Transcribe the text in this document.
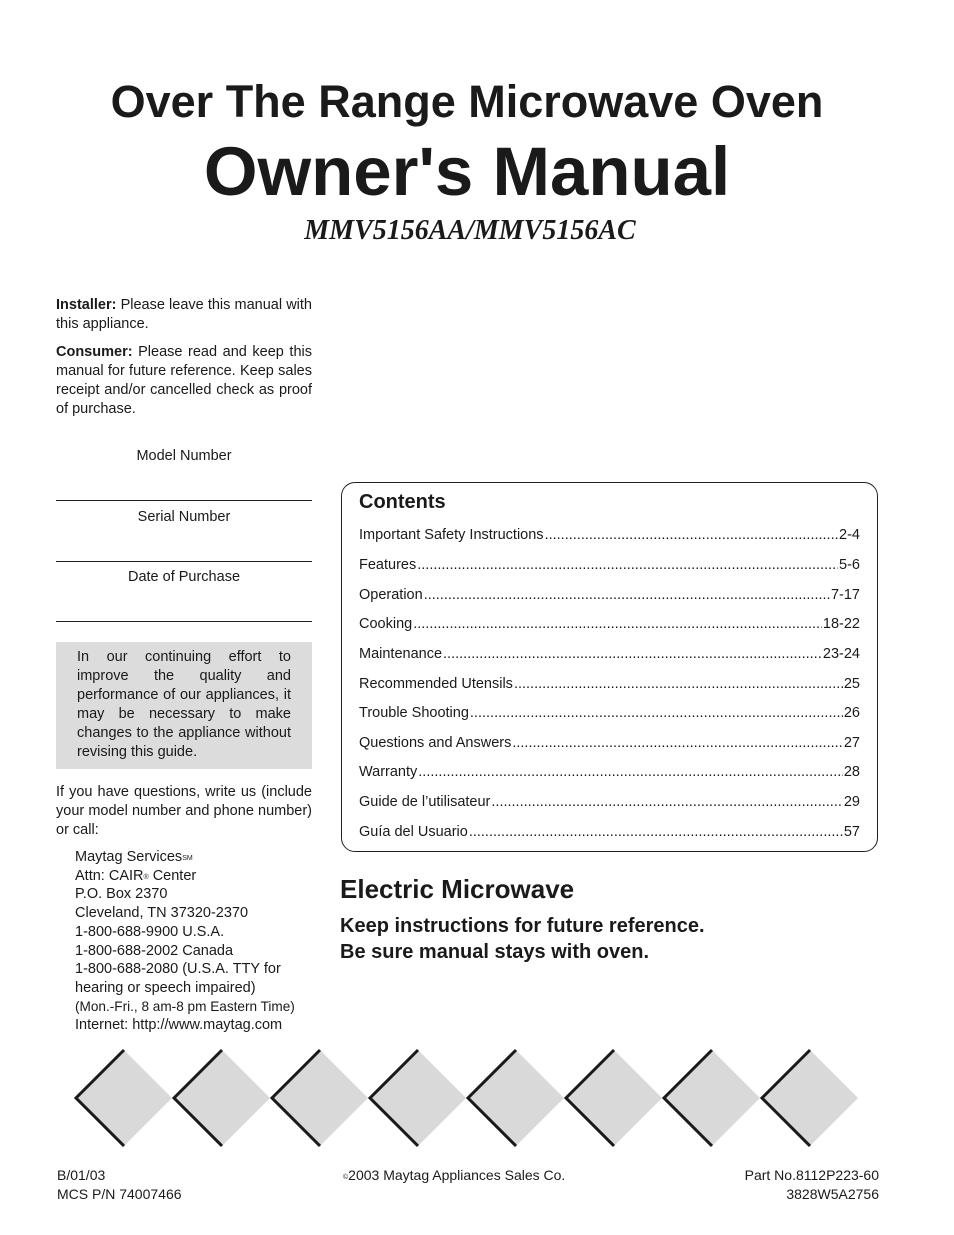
Over The Range Microwave Oven
Owner's Manual
MMV5156AA/MMV5156AC
Installer: Please leave this manual with this appliance.
Consumer: Please read and keep this manual for future reference. Keep sales receipt and/or cancelled check as proof of purchase.
Model Number
Serial Number
Date of Purchase
In our continuing effort to improve the quality and performance of our appliances, it may be necessary to make changes to the appliance without revising this guide.
If you have questions, write us (include your model number and phone number) or call:
Maytag Services℠
Attn: CAIR® Center
P.O. Box 2370
Cleveland, TN 37320-2370
1-800-688-9900 U.S.A.
1-800-688-2002 Canada
1-800-688-2080 (U.S.A. TTY for
hearing or speech impaired)
(Mon.-Fri., 8 am-8 pm Eastern Time)
Internet: http://www.maytag.com
Contents
Important Safety Instructions .....	2-4
Features .....	5-6
Operation .....	7-17
Cooking .....	18-22
Maintenance .....	23-24
Recommended Utensils .....	25
Trouble Shooting .....	26
Questions and Answers .....	27
Warranty .....	28
Guide de l’utilisateur .....	29
Guía del Usuario .....	57
Electric Microwave
Keep instructions for future reference.
Be sure manual stays with oven.
B/01/03
MCS P/N 74007466
©2003 Maytag Appliances Sales Co.	Part No.8112P223-60
3828W5A2756
